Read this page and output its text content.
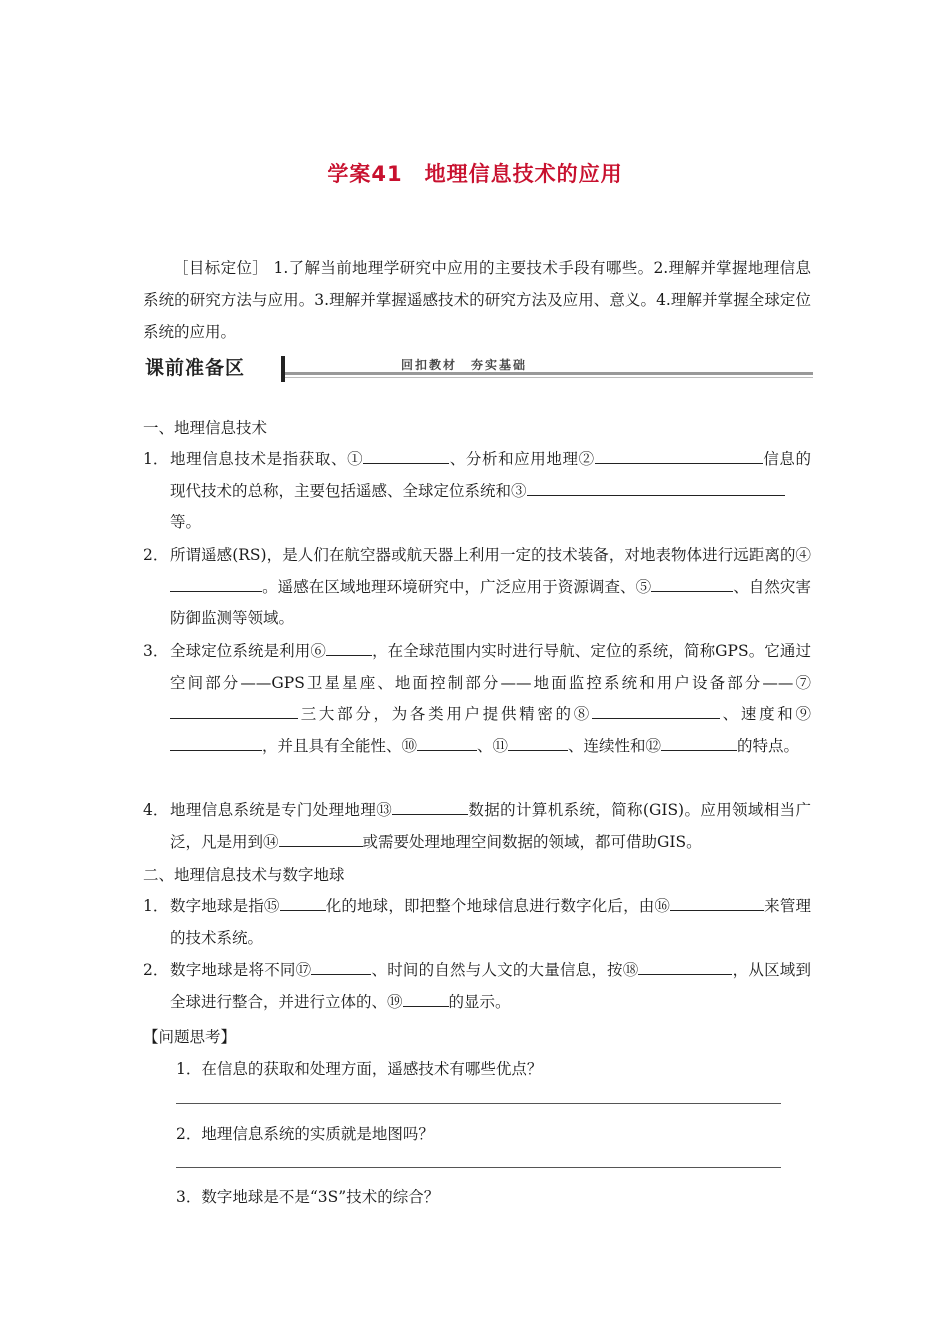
学案41　地理信息技术的应用
［目标定位］ 1.了解当前地理学研究中应用的主要技术手段有哪些。2.理解并掌握地理信息系统的研究方法与应用。3.理解并掌握遥感技术的研究方法及应用、意义。4.理解并掌握全球定位系统的应用。
课前准备区	回扣教材　夯实基础
一、地理信息技术
1． 地理信息技术是指获取、①	、分析和应用地理②	信息的现代技术的总称，主要包括遥感、全球定位系统和③
等。
2． 所谓遥感(RS)，是人们在航空器或航天器上利用一定的技术装备，对地表物体进行远距离的④。遥感在区域地理环境研究中，广泛应用于资源调查、⑤	、自然灾害防御监测等领域。
3． 全球定位系统是利用⑥	，在全球范围内实时进行导航、定位的系统，简称GPS。它通过空间部分——GPS卫星星座、地面控制部分——地面监控系统和用户设备部分——⑦三大部分，为各类用户提供精密的⑧	、速度和⑨，并且具有全能性、⑩	、⑪	、连续性和⑫	的特点。
4． 地理信息系统是专门处理地理⑬	数据的计算机系统，简称(GIS)。应用领域相当广泛，凡是用到⑭	或需要处理地理空间数据的领域，都可借助GIS。
二、地理信息技术与数字地球
1． 数字地球是指⑮	化的地球，即把整个地球信息进行数字化后，由⑯	来管理的技术系统。
2． 数字地球是将不同⑰	、时间的自然与人文的大量信息，按⑱	，从区域到全球进行整合，并进行立体的、⑲	的显示。
【问题思考】
1．在信息的获取和处理方面，遥感技术有哪些优点？
2．地理信息系统的实质就是地图吗？
3．数字地球是不是“3S”技术的综合？
